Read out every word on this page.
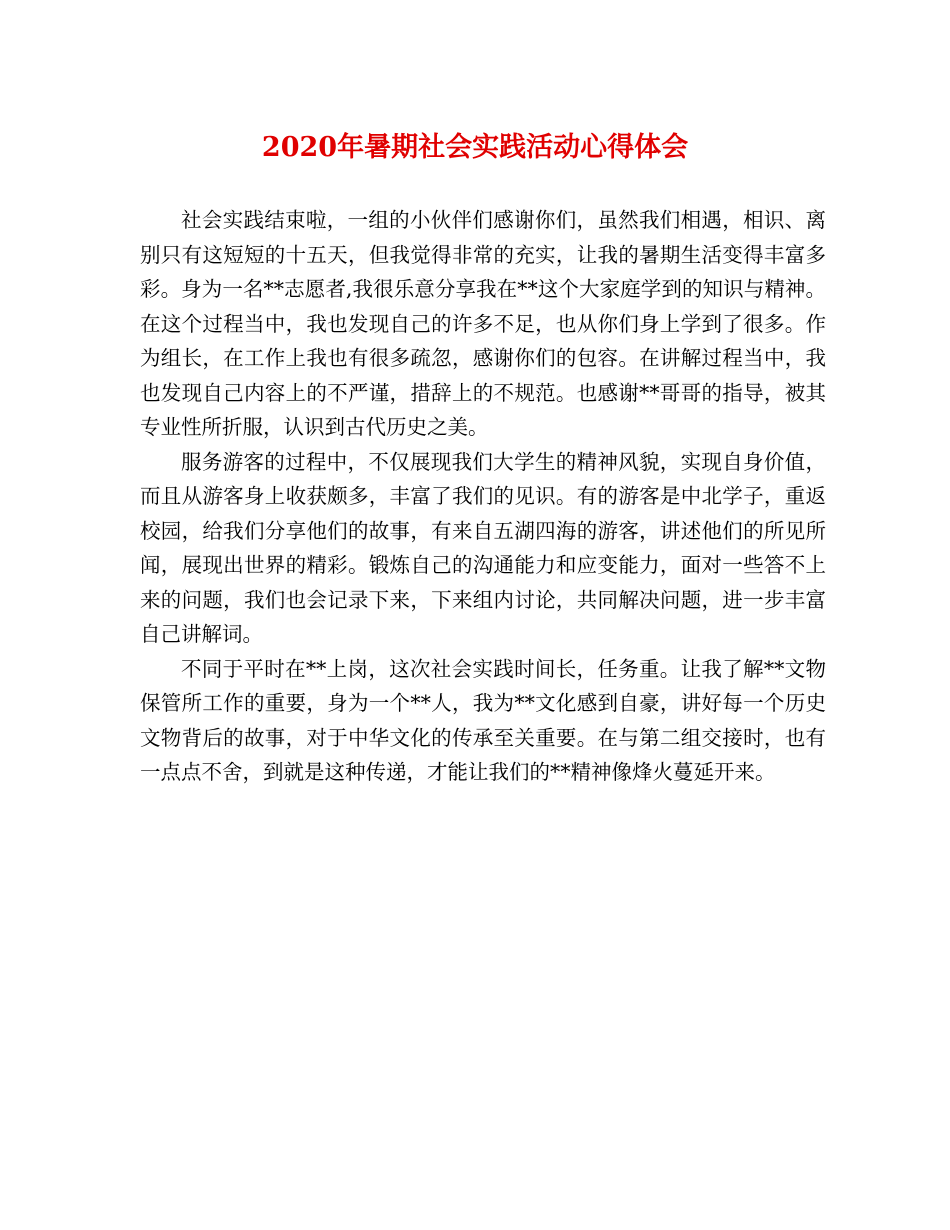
2020年暑期社会实践活动心得体会

社会实践结束啦，一组的小伙伴们感谢你们，虽然我们相遇，相识、离别只有这短短的十五天，但我觉得非常的充实，让我的暑期生活变得丰富多彩。身为一名**志愿者,我很乐意分享我在**这个大家庭学到的知识与精神。在这个过程当中，我也发现自己的许多不足，也从你们身上学到了很多。作为组长，在工作上我也有很多疏忽，感谢你们的包容。在讲解过程当中，我也发现自己内容上的不严谨，措辞上的不规范。也感谢**哥哥的指导，被其专业性所折服，认识到古代历史之美。

服务游客的过程中，不仅展现我们大学生的精神风貌，实现自身价值，而且从游客身上收获颇多，丰富了我们的见识。有的游客是中北学子，重返校园，给我们分享他们的故事，有来自五湖四海的游客，讲述他们的所见所闻，展现出世界的精彩。锻炼自己的沟通能力和应变能力，面对一些答不上来的问题，我们也会记录下来，下来组内讨论，共同解决问题，进一步丰富自己讲解词。

不同于平时在**上岗，这次社会实践时间长，任务重。让我了解**文物保管所工作的重要，身为一个**人，我为**文化感到自豪，讲好每一个历史文物背后的故事，对于中华文化的传承至关重要。在与第二组交接时，也有一点点不舍，到就是这种传递，才能让我们的**精神像烽火蔓延开来。
